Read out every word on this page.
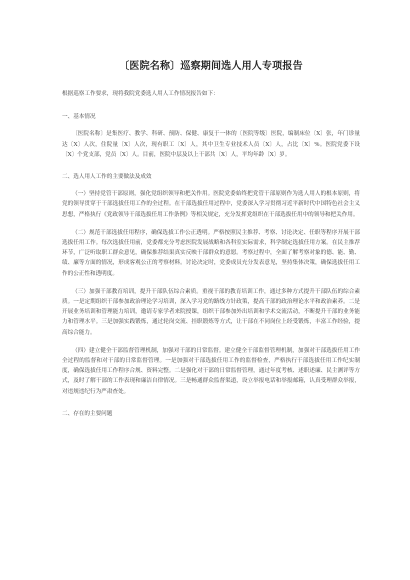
〔医院名称〕巡察期间选人用人专项报告

根据巡察工作要求，现将我院党委选人用人工作情况报告如下：

一、基本情况

〔医院名称〕是集医疗、教学、科研、预防、保健、康复于一体的〔医院等级〕医院，编制床位〔X〕张，年门诊量达〔X〕人次，住院量〔X〕人次，现有职工〔X〕人，其中卫生专业技术人员〔X〕人，占比〔X〕%。医院党委下设〔X〕个党支部，党员〔X〕人。目前，医院中层及以上干部共〔X〕人，平均年龄〔X〕岁。

二、选人用人工作的主要做法及成效

（一）坚持党管干部原则，强化党组织领导和把关作用。医院党委始终把党管干部原则作为选人用人的根本原则，将党的领导贯穿于干部选拔任用工作的全过程。在干部选拔任用过程中，党委深入学习贯彻习近平新时代中国特色社会主义思想，严格执行《党政领导干部选拔任用工作条例》等相关规定，充分发挥党组织在干部选拔任用中的领导和把关作用。

（二）规范干部选拔任用程序，确保选拔工作公正透明。严格按照民主推荐、考察、讨论决定、任职等程序开展干部选拔任用工作。每次选拔任用前，党委都充分考虑医院发展战略和各科室实际需求，科学制定选拔任用方案。在民主推荐环节，广泛听取职工群众意见，确保推荐结果真实反映干部群众的意愿。考察过程中，全面了解考察对象的德、能、勤、绩、廉等方面的情况，形成客观公正的考察材料。讨论决定时，党委成员充分发表意见，坚持集体决策，确保选拔任用工作的公正性和透明度。

（三）加强干部教育培训，提升干部队伍综合素质。重视干部的教育培训工作，通过多种方式提升干部队伍的综合素质。一是定期组织干部参加政治理论学习培训，深入学习党的路线方针政策，提高干部的政治理论水平和政治素养。二是开展业务培训和管理能力培训，邀请专家学者来院授课，组织干部参加外出培训和学术交流活动，不断提升干部的业务能力和管理水平。三是加强实践锻炼，通过轮岗交流、挂职锻炼等方式，让干部在不同岗位上经受锻炼，丰富工作经验，提高综合能力。

（四）建立健全干部监督管理机制，加强对干部的日常监督。建立健全干部监督管理机制，加强对干部选拔任用工作全过程的监督和对干部的日常监督管理。一是加强对干部选拔任用工作的监督检查，严格执行干部选拔任用工作纪实制度，确保选拔任用工作程序合规、资料完整。二是强化对干部的日常监督管理，通过年度考核、述职述廉、民主测评等方式，及时了解干部的工作表现和廉洁自律情况。三是畅通群众监督渠道，设立举报电话和举报邮箱，认真受理群众举报，对违规违纪行为严肃查处。

二、存在的主要问题
